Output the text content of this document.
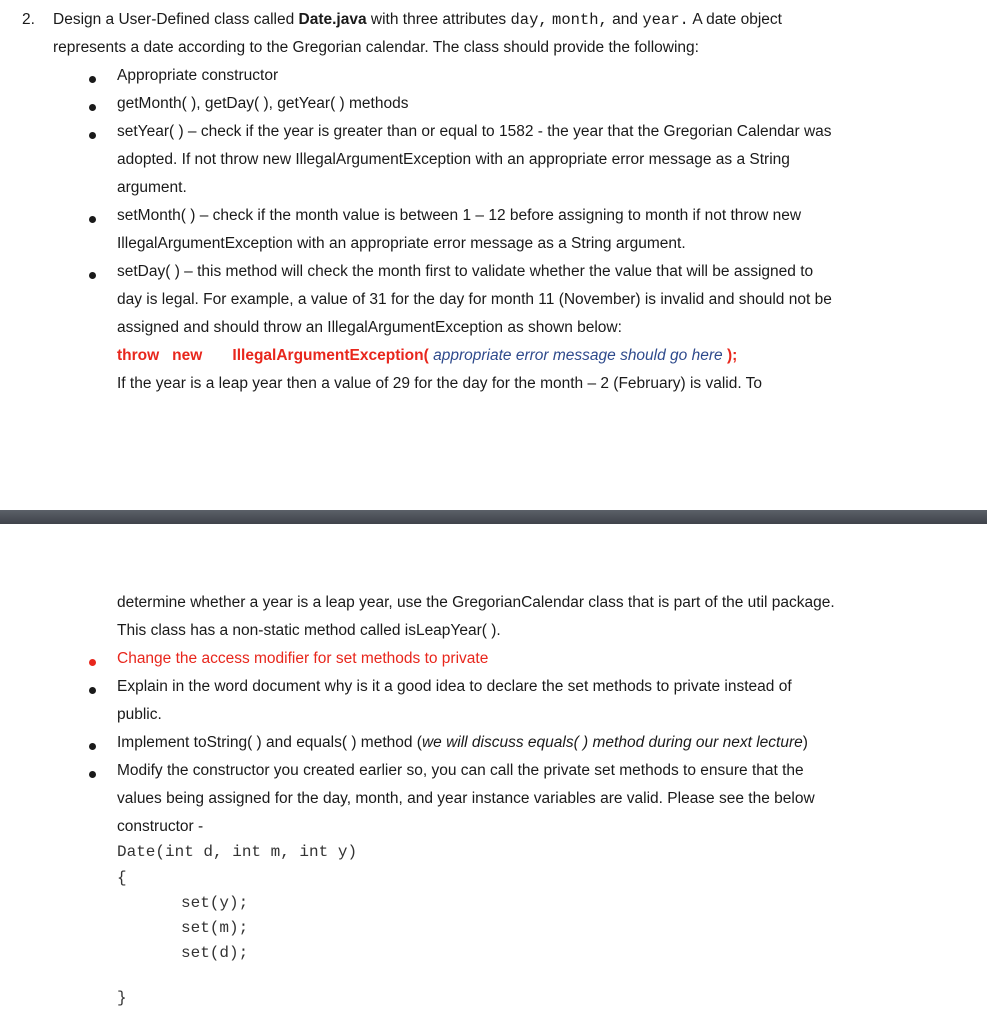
2. Design a User-Defined class called Date.java with three attributes day, month, and year. A date object
represents a date according to the Gregorian calendar. The class should provide the following:
Appropriate constructor
getMonth( ), getDay( ), getYear( ) methods
setYear( ) – check if the year is greater than or equal to 1582 - the year that the Gregorian Calendar was
adopted. If not throw new IllegalArgumentException with an appropriate error message as a String
argument.
setMonth( ) – check if the month value is between 1 – 12 before assigning to month if not throw new
IllegalArgumentException with an appropriate error message as a String argument.
setDay( ) – this method will check the month first to validate whether the value that will be assigned to
day is legal. For example, a value of 31 for the day for month 11 (November) is invalid and should not be
assigned and should throw an IllegalArgumentException as shown below:
throw new IllegalArgumentException( appropriate error message should go here );
If the year is a leap year then a value of 29 for the day for the month – 2 (February) is valid. To
determine whether a year is a leap year, use the GregorianCalendar class that is part of the util package.
This class has a non-static method called isLeapYear( ).
Change the access modifier for set methods to private
Explain in the word document why is it a good idea to declare the set methods to private instead of
public.
Implement toString( ) and equals( ) method (we will discuss equals( ) method during our next lecture)
Modify the constructor you created earlier so, you can call the private set methods to ensure that the
values being assigned for the day, month, and year instance variables are valid. Please see the below
constructor -
Date(int d, int m, int y)
{
set(y);
set(m);
set(d);
}
